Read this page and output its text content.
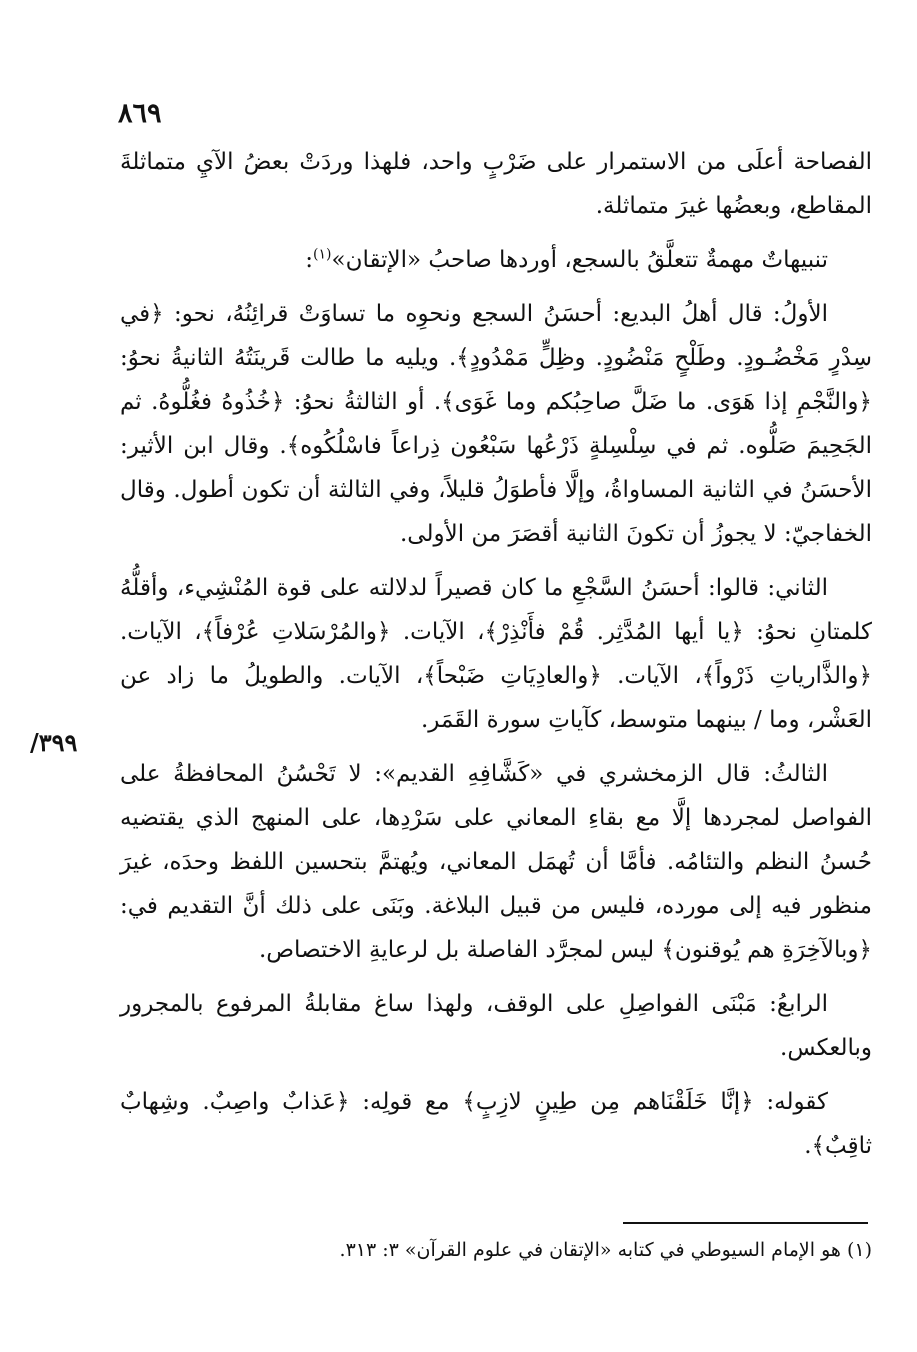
٨٦٩
٣٩٩/

الفصاحة أعلَى من الاستمرار على ضَرْبٍ واحد، فلهذا وردَتْ بعضُ الآيِ متماثلةَ المقاطع، وبعضُها غيرَ متماثلة.

تنبيهاتٌ مهمةٌ تتعلَّقُ بالسجع، أوردها صاحبُ «الإتقان»$^{(١)}$:

الأولُ: قال أهلُ البديع: أحسَنُ السجع ونحوِه ما تساوَتْ قرائِنُهُ، نحو: ﴿في سِدْرٍ مَخْضُـودٍ. وطَلْحٍ مَنْضُودٍ. وظِلٍّ مَمْدُودٍ﴾. ويليه ما طالت قَرينَتُهُ الثانيةُ نحوُ: ﴿والنَّجْمِ إذا هَوَى. ما ضَلَّ صاحِبُكم وما غَوَى﴾. أو الثالثةُ نحوُ: ﴿خُذُوهُ فغُلُّوهُ. ثم الجَحِيمَ صَلُّوه. ثم في سِلْسِلةٍ ذَرْعُها سَبْعُون ذِراعاً فاسْلُكُوه﴾. وقال ابن الأثير: الأحسَنُ في الثانية المساواةُ، وإلَّا فأطوَلُ قليلاً، وفي الثالثة أن تكون أطول. وقال الخفاجيّ: لا يجوزُ أن تكونَ الثانية أقصَرَ من الأولى.

الثاني: قالوا: أحسَنُ السَّجْعِ ما كان قصيراً لدلالته على قوة المُنْشِيء، وأقلُّهُ كلمتانِ نحوُ: ﴿يا أيها المُدَّثِر. قُمْ فأَنْذِرْ﴾، الآيات. ﴿والمُرْسَلاتِ عُرْفاً﴾، الآيات. ﴿والذَّارياتِ ذَرْواً﴾، الآيات. ﴿والعادِيَاتِ ضَبْحاً﴾، الآيات. والطويلُ ما زاد عن العَشْر، وما / بينهما متوسط، كآياتِ سورة القَمَر.

الثالثُ: قال الزمخشري في «كَشَّافِهِ القديم»: لا تَحْسُنُ المحافظةُ على الفواصل لمجردها إلَّا مع بقاءِ المعاني على سَرْدِها، على المنهج الذي يقتضيه حُسنُ النظم والتئامُه. فأمَّا أن تُهمَل المعاني، ويُهتمَّ بتحسين اللفظ وحدَه، غيرَ منظور فيه إلى مورده، فليس من قبيل البلاغة. وبَنَى على ذلك أنَّ التقديم في: ﴿وبالآخِرَةِ هم يُوقنون﴾ ليس لمجرَّد الفاصلة بل لرعايةِ الاختصاص.

الرابعُ: مَبْنَى الفواصِلِ على الوقف، ولهذا ساغ مقابلةُ المرفوع بالمجرور وبالعكس.

كقوله: ﴿إنَّا خَلَقْنَاهم مِن طِينٍ لازِبٍ﴾ مع قولِه: ﴿عَذابٌ واصِبٌ. وشِهابٌ ثاقِبٌ﴾.

(١) هو الإمام السيوطي في كتابه «الإتقان في علوم القرآن» ٣: ٣١٣.
